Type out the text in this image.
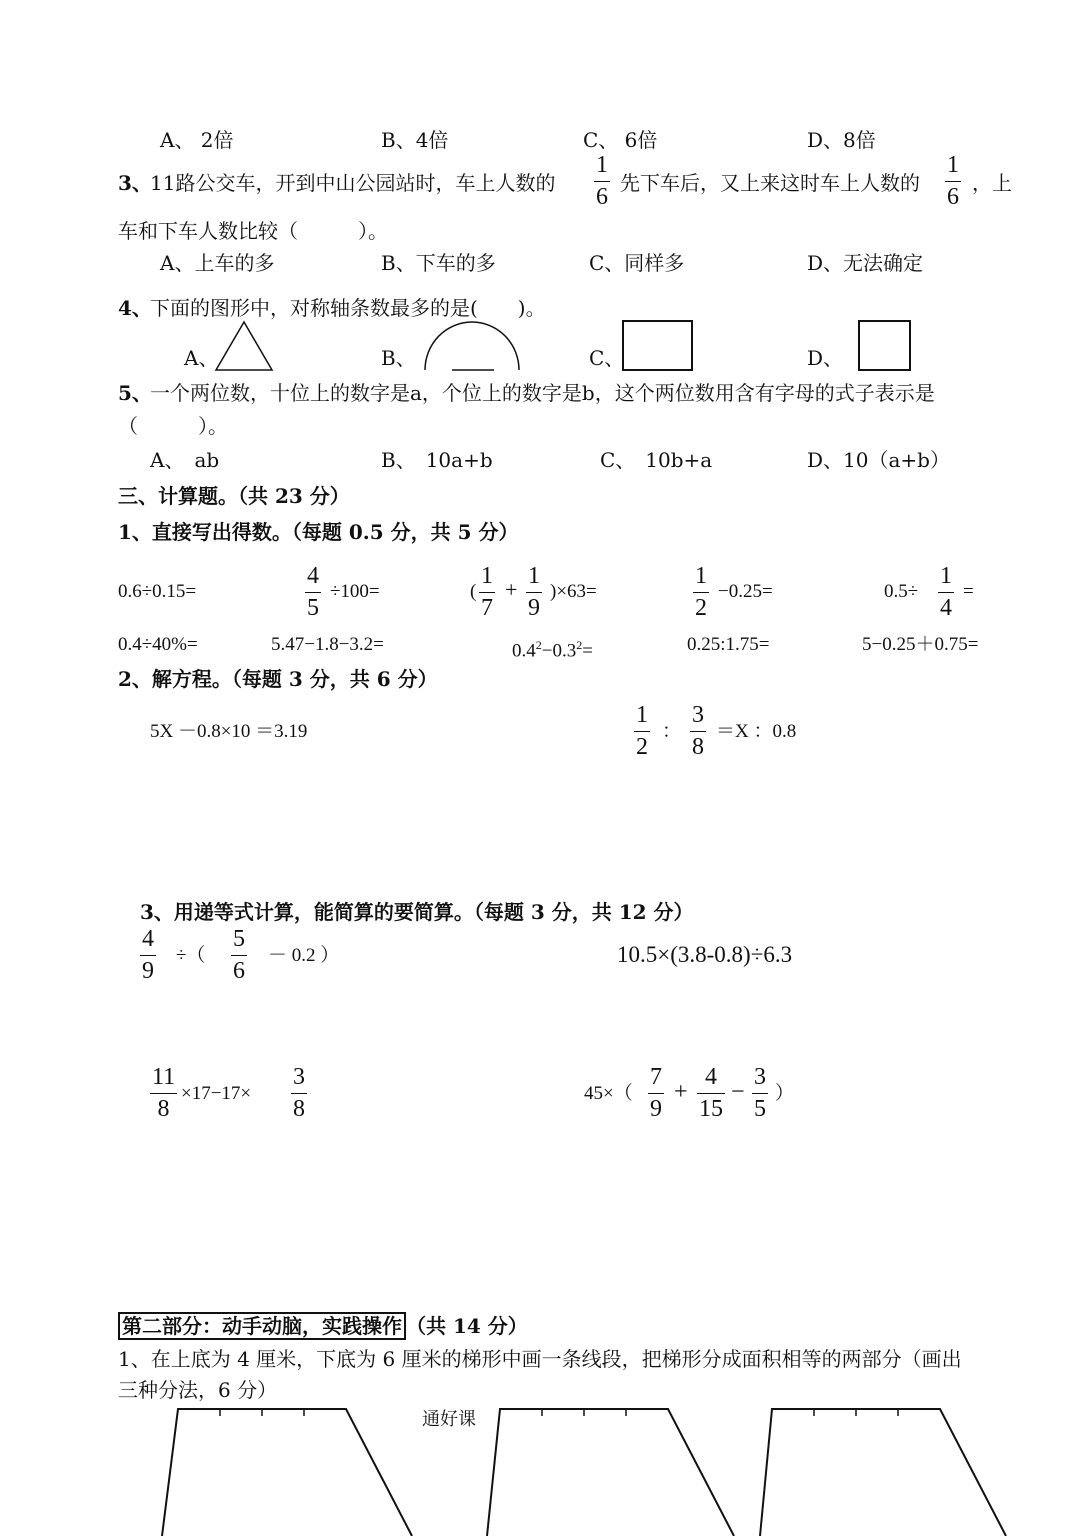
A、 2倍	B、4倍	C、 6倍	D、8倍
3、
11路公交车，开到中山公园站时，车上人数的
1
6
先下车后，又上来这时车上人数的
1
6
，上
车和下车人数比较（　　　）。
A、上车的多	B、下车的多	C、同样多	D、无法确定
4、
下面的图形中，对称轴条数最多的是(　　)。
A、	B、	C、	D、
5、
一个两位数，十位上的数字是a，个位上的数字是b，这个两位数用含有字母的式子表示是
（　　　）。
A、　ab	B、　10a+b	C、　10b+a	D、10（a+b）
三、计算题。（共 23 分）
1、直接写出得数。（每题 0.5 分，共 5 分）
0.6÷0.15=
4
5
÷100=	(
1
7
+
1
9
)×63=
1
2
−0.25=	0.5÷
1
4
=
0.4÷40%=	5.47−1.8−3.2=	$0.4^2-0.3^2=$	0.25:1.75=	5−0.25＋0.75=
2、解方程。（每题 3 分，共 6 分）
5X －0.8×10 ＝3.19
1
2
：
3
8
＝X ：0.8
3、用递等式计算，能简算的要简算。（每题 3 分，共 12 分）
4
9
÷（
5
6
－ 0.2 ）	10.5×(3.8-0.8)÷6.3
11
8
×17−17×
3
8
45×（
7
9
+
4
15
−
3
5
）
第二部分：动手动脑，实践操作 （共 14 分）
1、在上底为 4 厘米，下底为 6 厘米的梯形中画一条线段，把梯形分成面积相等的两部分（画出
三种分法，6 分）
通好课
